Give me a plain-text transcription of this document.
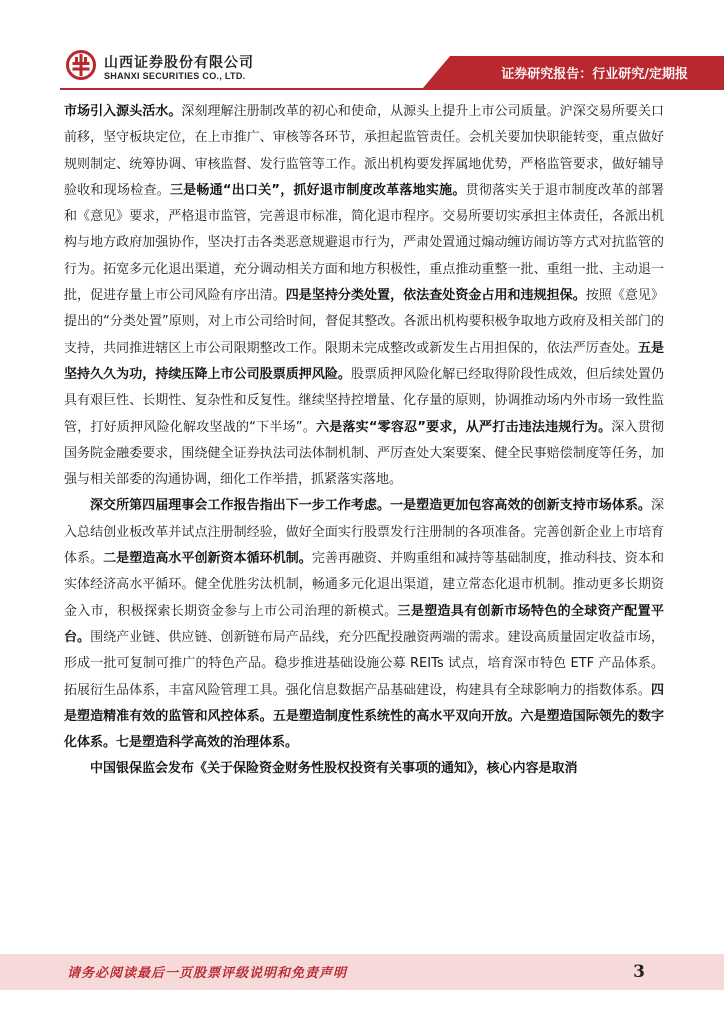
山西证券股份有限公司
SHANXI SECURITIES CO., LTD.	证券研究报告：行业研究/定期报

市场引入源头活水。深刻理解注册制改革的初心和使命，从源头上提升上市公司质量。沪深交易所要关口前移，坚守板块定位，在上市推广、审核等各环节，承担起监管责任。会机关要加快职能转变，重点做好规则制定、统筹协调、审核监督、发行监管等工作。派出机构要发挥属地优势，严格监管要求，做好辅导验收和现场检查。三是畅通“出口关”，抓好退市制度改革落地实施。贯彻落实关于退市制度改革的部署和《意见》要求，严格退市监管，完善退市标准，简化退市程序。交易所要切实承担主体责任，各派出机构与地方政府加强协作，坚决打击各类恶意规避退市行为，严肃处置通过煽动缠访闹访等方式对抗监管的行为。拓宽多元化退出渠道，充分调动相关方面和地方积极性，重点推动重整一批、重组一批、主动退一批，促进存量上市公司风险有序出清。四是坚持分类处置，依法查处资金占用和违规担保。按照《意见》提出的“分类处置”原则，对上市公司给时间，督促其整改。各派出机构要积极争取地方政府及相关部门的支持，共同推进辖区上市公司限期整改工作。限期未完成整改或新发生占用担保的，依法严厉查处。五是坚持久久为功，持续压降上市公司股票质押风险。股票质押风险化解已经取得阶段性成效，但后续处置仍具有艰巨性、长期性、复杂性和反复性。继续坚持控增量、化存量的原则，协调推动场内外市场一致性监管，打好质押风险化解攻坚战的“下半场”。六是落实“零容忍”要求，从严打击违法违规行为。深入贯彻国务院金融委要求，围绕健全证券执法司法体制机制、严厉查处大案要案、健全民事赔偿制度等任务，加强与相关部委的沟通协调，细化工作举措，抓紧落实落地。

深交所第四届理事会工作报告指出下一步工作考虑。一是塑造更加包容高效的创新支持市场体系。深入总结创业板改革并试点注册制经验，做好全面实行股票发行注册制的各项准备。完善创新企业上市培育体系。二是塑造高水平创新资本循环机制。完善再融资、并购重组和减持等基础制度，推动科技、资本和实体经济高水平循环。健全优胜劣汰机制，畅通多元化退出渠道，建立常态化退市机制。推动更多长期资金入市，积极探索长期资金参与上市公司治理的新模式。三是塑造具有创新市场特色的全球资产配置平台。围绕产业链、供应链、创新链布局产品线，充分匹配投融资两端的需求。建设高质量固定收益市场，形成一批可复制可推广的特色产品。稳步推进基础设施公募 REITs 试点，培育深市特色 ETF 产品体系。拓展衍生品体系，丰富风险管理工具。强化信息数据产品基础建设，构建具有全球影响力的指数体系。四是塑造精准有效的监管和风控体系。五是塑造制度性系统性的高水平双向开放。六是塑造国际领先的数字化体系。七是塑造科学高效的治理体系。

中国银保监会发布《关于保险资金财务性股权投资有关事项的通知》，核心内容是取消

请务必阅读最后一页股票评级说明和免责声明	3
